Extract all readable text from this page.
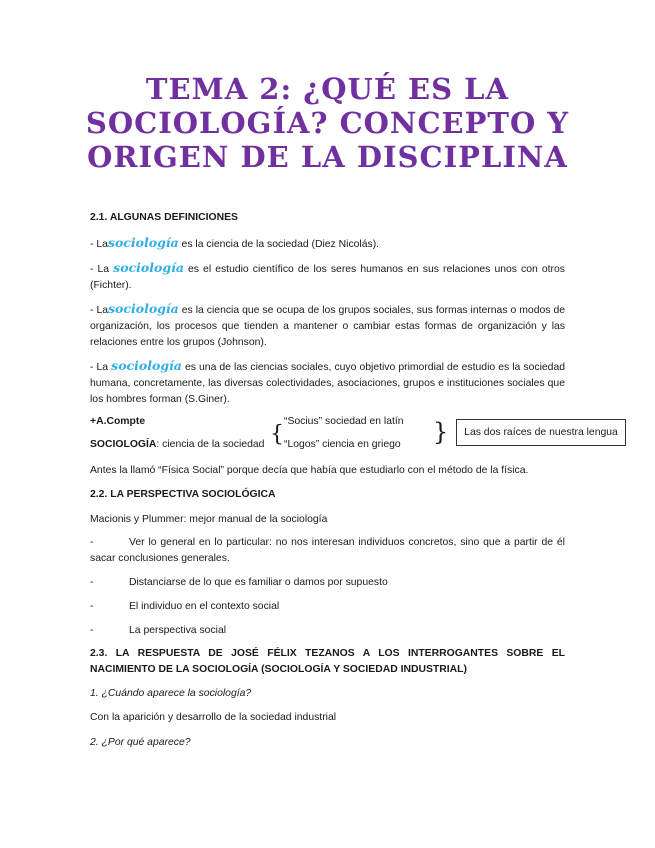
TEMA 2: ¿QUÉ ES LA
SOCIOLOGÍA? CONCEPTO Y
ORIGEN DE LA DISCIPLINA
2.1. ALGUNAS DEFINICIONES
- Lasociología es la ciencia de la sociedad (Diez Nicolás).
- La sociología es el estudio científico de los seres humanos en sus relaciones unos con otros (Fichter).
- Lasociología es la ciencia que se ocupa de los grupos sociales, sus formas internas o modos de organización, los procesos que tienden a mantener o cambiar estas formas de organización y las relaciones entre los grupos (Johnson).
- La sociología es una de las ciencias sociales, cuyo objetivo primordial de estudio es la sociedad humana, concretamente, las diversas colectividades, asociaciones, grupos e instituciones sociales que los hombres forman (S.Giner).
+A.Compte	“Socius” sociedad en latín
SOCIOLOGÍA: ciencia de la sociedad { “Logos” ciencia en griego }	Las dos raíces de nuestra lengua
Antes la llamó “Física Social” porque decía que había que estudiarlo con el método de la física.
2.2. LA PERSPECTIVA SOCIOLÓGICA
Macionis y Plummer: mejor manual de la sociología
-	Ver lo general en lo particular: no nos interesan individuos concretos, sino que a partir de él sacar conclusiones generales.
-	Distanciarse de lo que es familiar o damos por supuesto
-	El individuo en el contexto social
-	La perspectiva social
2.3. LA RESPUESTA DE JOSÉ FÉLIX TEZANOS A LOS INTERROGANTES SOBRE EL NACIMIENTO DE LA SOCIOLOGÍA (SOCIOLOGÍA Y SOCIEDAD INDUSTRIAL)
1. ¿Cuándo aparece la sociología?
Con la aparición y desarrollo de la sociedad industrial
2. ¿Por qué aparece?
